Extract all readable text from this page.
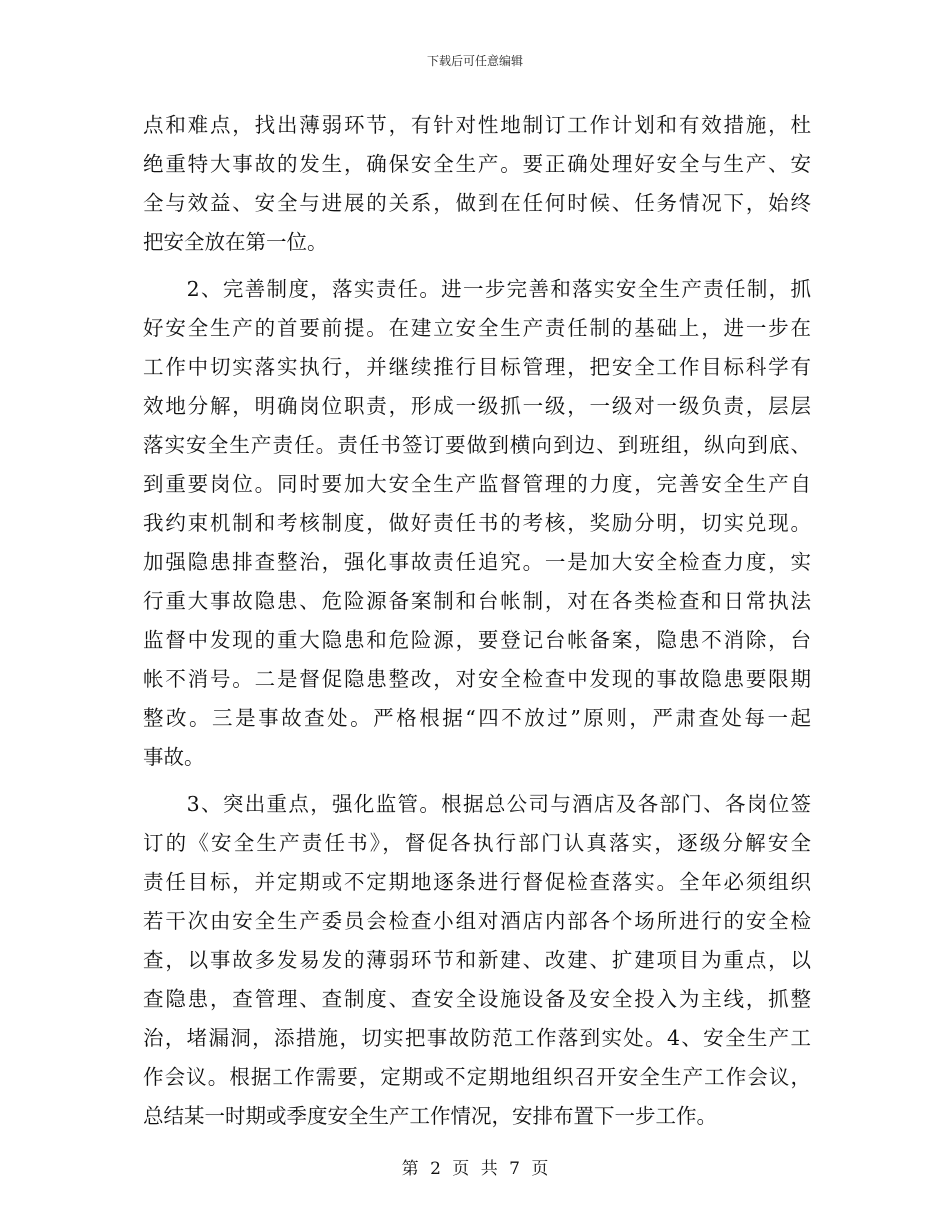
下载后可任意编辑
点和难点，找出薄弱环节，有针对性地制订工作计划和有效措施，杜
绝重特大事故的发生，确保安全生产。要正确处理好安全与生产、安
全与效益、安全与进展的关系，做到在任何时候、任务情况下，始终
把安全放在第一位。
　　2、完善制度，落实责任。进一步完善和落实安全生产责任制，抓
好安全生产的首要前提。在建立安全生产责任制的基础上，进一步在
工作中切实落实执行，并继续推行目标管理，把安全工作目标科学有
效地分解，明确岗位职责，形成一级抓一级，一级对一级负责，层层
落实安全生产责任。责任书签订要做到横向到边、到班组，纵向到底、
到重要岗位。同时要加大安全生产监督管理的力度，完善安全生产自
我约束机制和考核制度，做好责任书的考核，奖励分明，切实兑现。
加强隐患排查整治，强化事故责任追究。一是加大安全检查力度，实
行重大事故隐患、危险源备案制和台帐制，对在各类检查和日常执法
监督中发现的重大隐患和危险源，要登记台帐备案，隐患不消除，台
帐不消号。二是督促隐患整改，对安全检查中发现的事故隐患要限期
整改。三是事故查处。严格根据“四不放过”原则，严肃查处每一起
事故。
　　3、突出重点，强化监管。根据总公司与酒店及各部门、各岗位签
订的《安全生产责任书》，督促各执行部门认真落实，逐级分解安全
责任目标，并定期或不定期地逐条进行督促检查落实。全年必须组织
若干次由安全生产委员会检查小组对酒店内部各个场所进行的安全检
查，以事故多发易发的薄弱环节和新建、改建、扩建项目为重点，以
查隐患，查管理、查制度、查安全设施设备及安全投入为主线，抓整
治，堵漏洞，添措施，切实把事故防范工作落到实处。4、安全生产工
作会议。根据工作需要，定期或不定期地组织召开安全生产工作会议，
总结某一时期或季度安全生产工作情况，安排布置下一步工作。
第 2 页 共 7 页
